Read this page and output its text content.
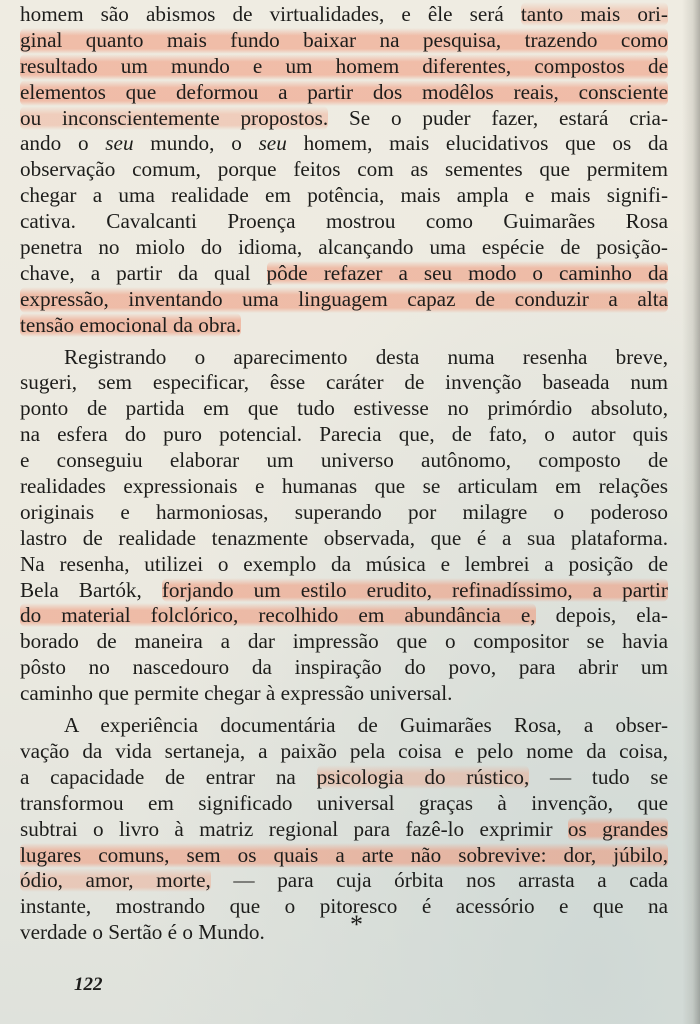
homem são abismos de virtualidades, e êle será tanto mais ori-
ginal quanto mais fundo baixar na pesquisa, trazendo como
resultado um mundo e um homem diferentes, compostos de
elementos que deformou a partir dos modêlos reais, consciente
ou inconscientemente propostos. Se o puder fazer, estará cria-
ando o seu mundo, o seu homem, mais elucidativos que os da
observação comum, porque feitos com as sementes que permitem
chegar a uma realidade em potência, mais ampla e mais signifi-
cativa. Cavalcanti Proença mostrou como Guimarães Rosa
penetra no miolo do idioma, alcançando uma espécie de posição-
chave, a partir da qual pôde refazer a seu modo o caminho da
expressão, inventando uma linguagem capaz de conduzir a alta
tensão emocional da obra.
Registrando o aparecimento desta numa resenha breve,
sugeri, sem especificar, êsse caráter de invenção baseada num
ponto de partida em que tudo estivesse no primórdio absoluto,
na esfera do puro potencial. Parecia que, de fato, o autor quis
e conseguiu elaborar um universo autônomo, composto de
realidades expressionais e humanas que se articulam em relações
originais e harmoniosas, superando por milagre o poderoso
lastro de realidade tenazmente observada, que é a sua plataforma.
Na resenha, utilizei o exemplo da música e lembrei a posição de
Bela Bartók, forjando um estilo erudito, refinadíssimo, a partir
do material folclórico, recolhido em abundância e, depois, ela-
borado de maneira a dar impressão que o compositor se havia
pôsto no nascedouro da inspiração do povo, para abrir um
caminho que permite chegar à expressão universal.
A experiência documentária de Guimarães Rosa, a obser-
vação da vida sertaneja, a paixão pela coisa e pelo nome da coisa,
a capacidade de entrar na psicologia do rústico, — tudo se
transformou em significado universal graças à invenção, que
subtrai o livro à matriz regional para fazê-lo exprimir os grandes
lugares comuns, sem os quais a arte não sobrevive: dor, júbilo,
ódio, amor, morte, — para cuja órbita nos arrasta a cada
instante, mostrando que o pitoresco é acessório e que na
verdade o Sertão é o Mundo.	*
122
